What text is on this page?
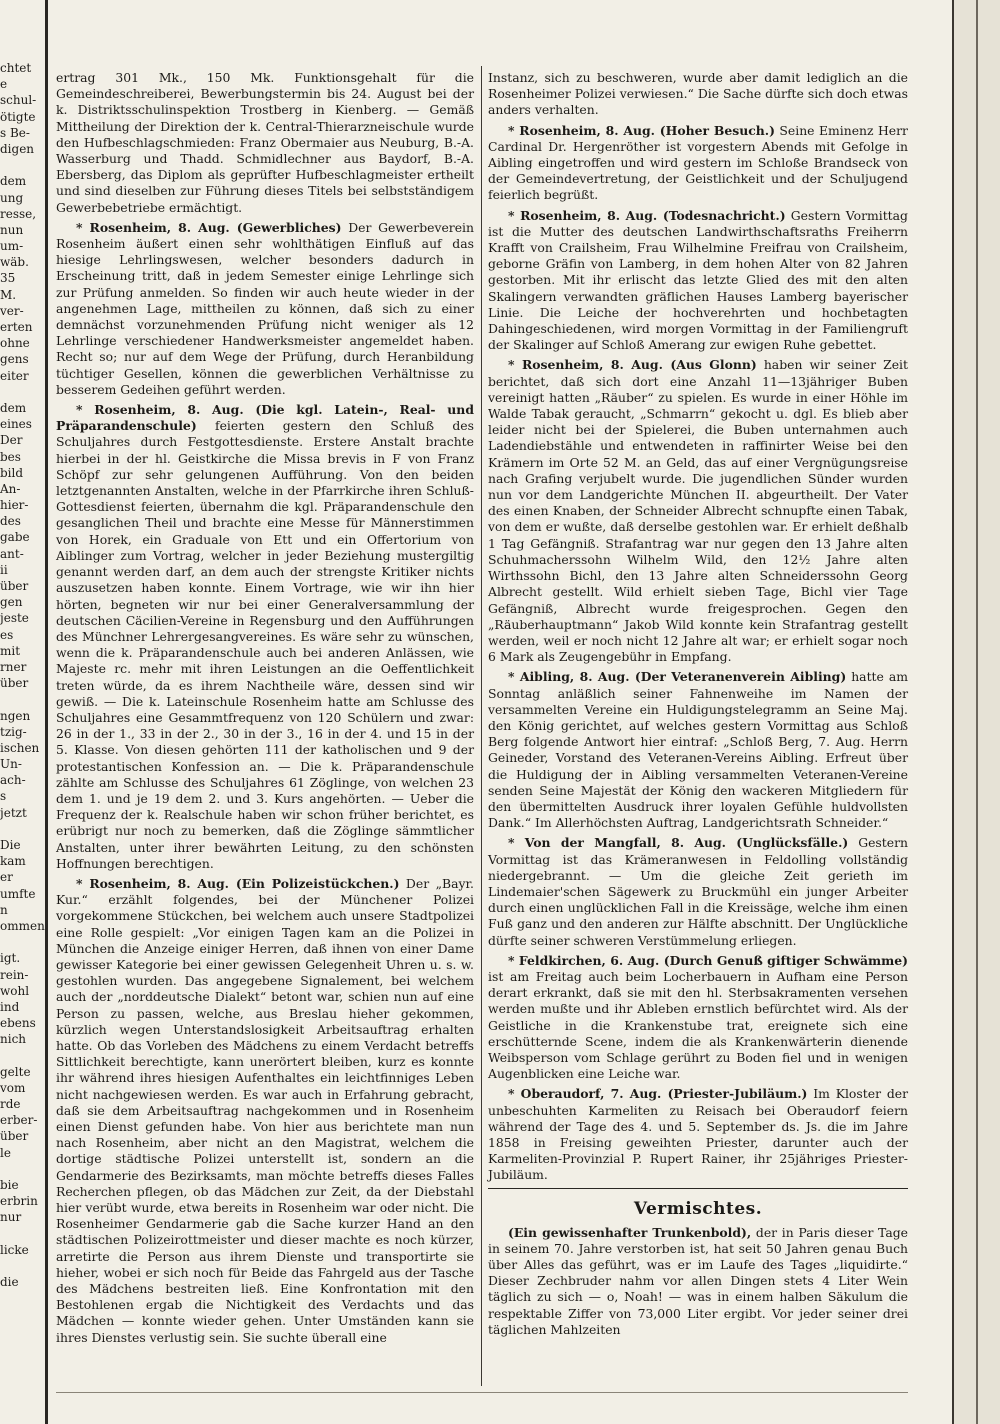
chtet
e
schul-
ötigte
s Be-
digen
dem
ung
resse,
nun
um-
wäb.
35
M.
ver-
erten
ohne
gens
eiter
dem
eines
Der
bes
bild
An-
hier-
des
gabe
ant-
ii
über
gen
jeste
es
mit
rner
über
ngen
tzig-
ischen
Un-
ach-
s
jetzt
Die
kam
er
umfte
n
ommen
igt.
rein-
wohl
ind
ebens
nich
gelte
vom
rde
erber-
über
le
bie
erbrin
nur
licke
die

ertrag 301 Mk., 150 Mk. Funktionsgehalt für die Gemeindeschreiberei, Bewerbungstermin bis 24. August bei der k. Distriktsschulinspektion Trostberg in Kienberg. — Gemäß Mittheilung der Direktion der k. Central-Thierarzneischule wurde den Hufbeschlagschmieden: Franz Obermaier aus Neuburg, B.-A. Wasserburg und Thadd. Schmidlechner aus Baydorf, B.-A. Ebersberg, das Diplom als geprüfter Hufbeschlagmeister ertheilt und sind dieselben zur Führung dieses Titels bei selbstständigem Gewerbebetriebe ermächtigt.

* Rosenheim, 8. Aug. (Gewerbliches) Der Gewerbeverein Rosenheim äußert einen sehr wohlthätigen Einfluß auf das hiesige Lehrlingswesen, welcher besonders dadurch in Erscheinung tritt, daß in jedem Semester einige Lehrlinge sich zur Prüfung anmelden. So finden wir auch heute wieder in der angenehmen Lage, mittheilen zu können, daß sich zu einer demnächst vorzunehmenden Prüfung nicht weniger als 12 Lehrlinge verschiedener Handwerksmeister angemeldet haben. Recht so; nur auf dem Wege der Prüfung, durch Heranbildung tüchtiger Gesellen, können die gewerblichen Verhältnisse zu besserem Gedeihen geführt werden.

* Rosenheim, 8. Aug. (Die kgl. Latein-, Real- und Präparandenschule) feierten gestern den Schluß des Schuljahres durch Festgottesdienste. Erstere Anstalt brachte hierbei in der hl. Geistkirche die Missa brevis in F von Franz Schöpf zur sehr gelungenen Aufführung. Von den beiden letztgenannten Anstalten, welche in der Pfarrkirche ihren Schluß-Gottesdienst feierten, übernahm die kgl. Präparandenschule den gesanglichen Theil und brachte eine Messe für Männerstimmen von Horek, ein Graduale von Ett und ein Offertorium von Aiblinger zum Vortrag, welcher in jeder Beziehung mustergiltig genannt werden darf, an dem auch der strengste Kritiker nichts auszusetzen haben konnte. Einem Vortrage, wie wir ihn hier hörten, begneten wir nur bei einer Generalversammlung der deutschen Cäcilien-Vereine in Regensburg und den Aufführungen des Münchner Lehrergesangvereines. Es wäre sehr zu wünschen, wenn die k. Präparandenschule auch bei anderen Anlässen, wie Majeste rc. mehr mit ihren Leistungen an die Oeffentlichkeit treten würde, da es ihrem Nachtheile wäre, dessen sind wir gewiß. — Die k. Lateinschule Rosenheim hatte am Schlusse des Schuljahres eine Gesammtfrequenz von 120 Schülern und zwar: 26 in der 1., 33 in der 2., 30 in der 3., 16 in der 4. und 15 in der 5. Klasse. Von diesen gehörten 111 der katholischen und 9 der protestantischen Konfession an. — Die k. Präparandenschule zählte am Schlusse des Schuljahres 61 Zöglinge, von welchen 23 dem 1. und je 19 dem 2. und 3. Kurs angehörten. — Ueber die Frequenz der k. Realschule haben wir schon früher berichtet, es erübrigt nur noch zu bemerken, daß die Zöglinge sämmtlicher Anstalten, unter ihrer bewährten Leitung, zu den schönsten Hoffnungen berechtigen.

* Rosenheim, 8. Aug. (Ein Polizeistückchen.) Der „Bayr. Kur.“ erzählt folgendes, bei der Münchener Polizei vorgekommene Stückchen, bei welchem auch unsere Stadtpolizei eine Rolle gespielt: „Vor einigen Tagen kam an die Polizei in München die Anzeige einiger Herren, daß ihnen von einer Dame gewisser Kategorie bei einer gewissen Gelegenheit Uhren u. s. w. gestohlen wurden. Das angegebene Signalement, bei welchem auch der „norddeutsche Dialekt“ betont war, schien nun auf eine Person zu passen, welche, aus Breslau hieher gekommen, kürzlich wegen Unterstandslosigkeit Arbeitsauftrag erhalten hatte. Ob das Vorleben des Mädchens zu einem Verdacht betreffs Sittlichkeit berechtigte, kann unerörtert bleiben, kurz es konnte ihr während ihres hiesigen Aufenthaltes ein leichtfinniges Leben nicht nachgewiesen werden. Es war auch in Erfahrung gebracht, daß sie dem Arbeitsauftrag nachgekommen und in Rosenheim einen Dienst gefunden habe. Von hier aus berichtete man nun nach Rosenheim, aber nicht an den Magistrat, welchem die dortige städtische Polizei unterstellt ist, sondern an die Gendarmerie des Bezirksamts, man möchte betreffs dieses Falles Recherchen pflegen, ob das Mädchen zur Zeit, da der Diebstahl hier verübt wurde, etwa bereits in Rosenheim war oder nicht. Die Rosenheimer Gendarmerie gab die Sache kurzer Hand an den städtischen Polizeirottmeister und dieser machte es noch kürzer, arretirte die Person aus ihrem Dienste und transportirte sie hieher, wobei er sich noch für Beide das Fahrgeld aus der Tasche des Mädchens bestreiten ließ. Eine Konfrontation mit den Bestohlenen ergab die Nichtigkeit des Verdachts und das Mädchen — konnte wieder gehen. Unter Umständen kann sie ihres Dienstes verlustig sein. Sie suchte überall eine

Instanz, sich zu beschweren, wurde aber damit lediglich an die Rosenheimer Polizei verwiesen.“ Die Sache dürfte sich doch etwas anders verhalten.

* Rosenheim, 8. Aug. (Hoher Besuch.) Seine Eminenz Herr Cardinal Dr. Hergenröther ist vorgestern Abends mit Gefolge in Aibling eingetroffen und wird gestern im Schloße Brandseck von der Gemeindevertretung, der Geistlichkeit und der Schuljugend feierlich begrüßt.

* Rosenheim, 8. Aug. (Todesnachricht.) Gestern Vormittag ist die Mutter des deutschen Landwirthschaftsraths Freiherrn Krafft von Crailsheim, Frau Wilhelmine Freifrau von Crailsheim, geborne Gräfin von Lamberg, in dem hohen Alter von 82 Jahren gestorben. Mit ihr erlischt das letzte Glied des mit den alten Skalingern verwandten gräflichen Hauses Lamberg bayerischer Linie. Die Leiche der hochverehrten und hochbetagten Dahingeschiedenen, wird morgen Vormittag in der Familiengruft der Skalinger auf Schloß Amerang zur ewigen Ruhe gebettet.

* Rosenheim, 8. Aug. (Aus Glonn) haben wir seiner Zeit berichtet, daß sich dort eine Anzahl 11—13jähriger Buben vereinigt hatten „Räuber“ zu spielen. Es wurde in einer Höhle im Walde Tabak geraucht, „Schmarrn“ gekocht u. dgl. Es blieb aber leider nicht bei der Spielerei, die Buben unternahmen auch Ladendiebstähle und entwendeten in raffinirter Weise bei den Krämern im Orte 52 M. an Geld, das auf einer Vergnügungsreise nach Grafing verjubelt wurde. Die jugendlichen Sünder wurden nun vor dem Landgerichte München II. abgeurtheilt. Der Vater des einen Knaben, der Schneider Albrecht schnupfte einen Tabak, von dem er wußte, daß derselbe gestohlen war. Er erhielt deßhalb 1 Tag Gefängniß. Strafantrag war nur gegen den 13 Jahre alten Schuhmacherssohn Wilhelm Wild, den 12½ Jahre alten Wirthssohn Bichl, den 13 Jahre alten Schneiderssohn Georg Albrecht gestellt. Wild erhielt sieben Tage, Bichl vier Tage Gefängniß, Albrecht wurde freigesprochen. Gegen den „Räuberhauptmann“ Jakob Wild konnte kein Strafantrag gestellt werden, weil er noch nicht 12 Jahre alt war; er erhielt sogar noch 6 Mark als Zeugengebühr in Empfang.

* Aibling, 8. Aug. (Der Veteranenverein Aibling) hatte am Sonntag anläßlich seiner Fahnenweihe im Namen der versammelten Vereine ein Huldigungstelegramm an Seine Maj. den König gerichtet, auf welches gestern Vormittag aus Schloß Berg folgende Antwort hier eintraf: „Schloß Berg, 7. Aug. Herrn Geineder, Vorstand des Veteranen-Vereins Aibling. Erfreut über die Huldigung der in Aibling versammelten Veteranen-Vereine senden Seine Majestät der König den wackeren Mitgliedern für den übermittelten Ausdruck ihrer loyalen Gefühle huldvollsten Dank.“ Im Allerhöchsten Auftrag, Landgerichtsrath Schneider.“

* Von der Mangfall, 8. Aug. (Unglücksfälle.) Gestern Vormittag ist das Krämeranwesen in Feldolling vollständig niedergebrannt. — Um die gleiche Zeit gerieth im Lindemaier'schen Sägewerk zu Bruckmühl ein junger Arbeiter durch einen unglücklichen Fall in die Kreissäge, welche ihm einen Fuß ganz und den anderen zur Hälfte abschnitt. Der Unglückliche dürfte seiner schweren Verstümmelung erliegen.

* Feldkirchen, 6. Aug. (Durch Genuß giftiger Schwämme) ist am Freitag auch beim Locherbauern in Aufham eine Person derart erkrankt, daß sie mit den hl. Sterbsakramenten versehen werden mußte und ihr Ableben ernstlich befürchtet wird. Als der Geistliche in die Krankenstube trat, ereignete sich eine erschütternde Scene, indem die als Krankenwärterin dienende Weibsperson vom Schlage gerührt zu Boden fiel und in wenigen Augenblicken eine Leiche war.

* Oberaudorf, 7. Aug. (Priester-Jubiläum.) Im Kloster der unbeschuhten Karmeliten zu Reisach bei Oberaudorf feiern während der Tage des 4. und 5. September ds. Js. die im Jahre 1858 in Freising geweihten Priester, darunter auch der Karmeliten-Provinzial P. Rupert Rainer, ihr 25jähriges Priester-Jubiläum.

Vermischtes.

(Ein gewissenhafter Trunkenbold), der in Paris dieser Tage in seinem 70. Jahre verstorben ist, hat seit 50 Jahren genau Buch über Alles das geführt, was er im Laufe des Tages „liquidirte.“ Dieser Zechbruder nahm vor allen Dingen stets 4 Liter Wein täglich zu sich — o, Noah! — was in einem halben Säkulum die respektable Ziffer von 73,000 Liter ergibt. Vor jeder seiner drei täglichen Mahlzeiten
